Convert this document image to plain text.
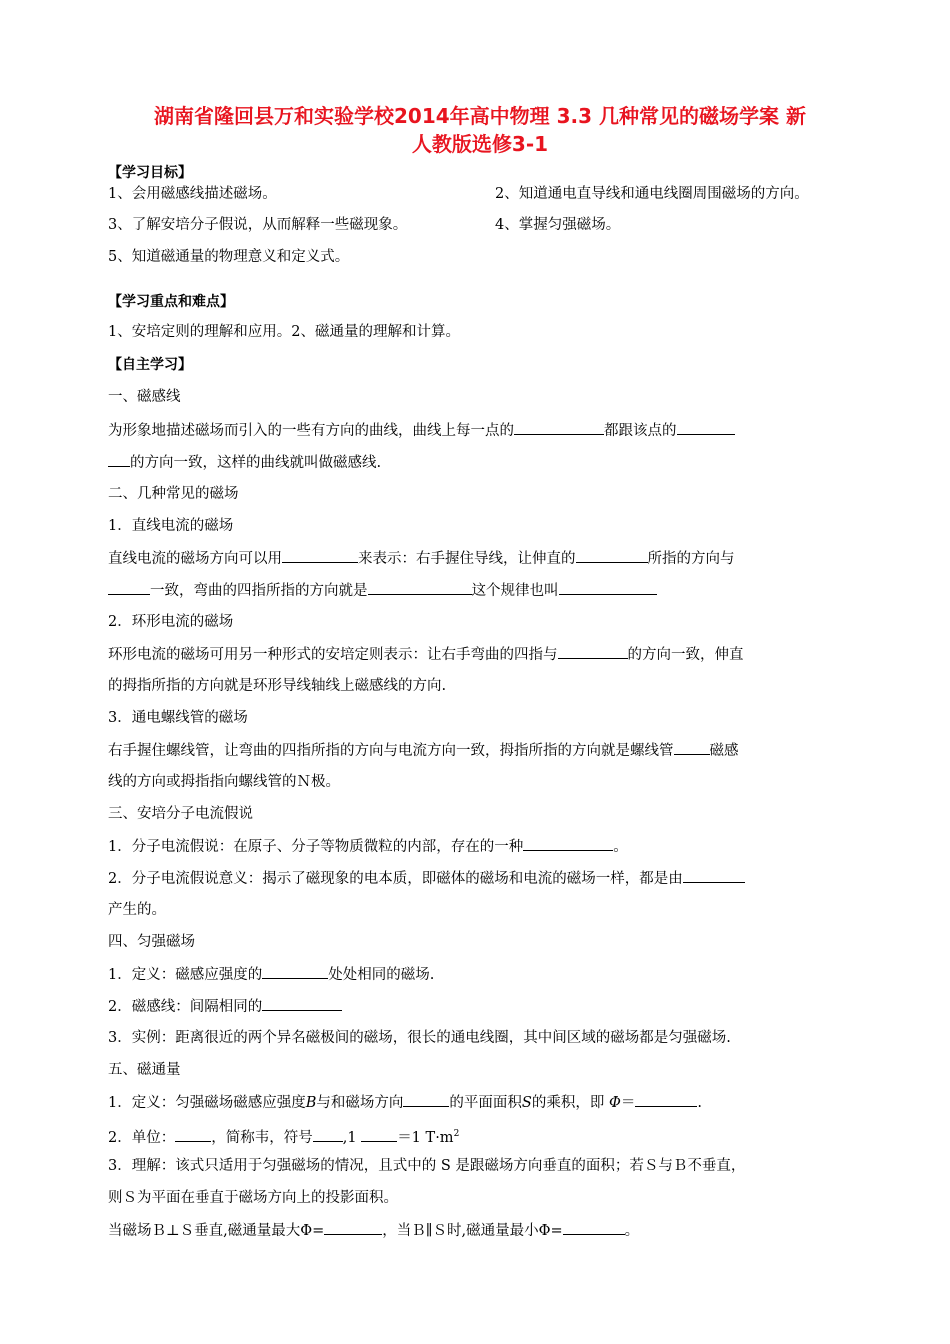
湖南省隆回县万和实验学校2014年高中物理 3.3 几种常见的磁场学案 新
人教版选修3-1
【学习目标】
1、会用磁感线描述磁场。	2、知道通电直导线和通电线圈周围磁场的方向。
3、了解安培分子假说，从而解释一些磁现象。	4、掌握匀强磁场。
5、知道磁通量的物理意义和定义式。
【学习重点和难点】
1、安培定则的理解和应用。2、磁通量的理解和计算。
【自主学习】
一、磁感线
为形象地描述磁场而引入的一些有方向的曲线，曲线上每一点的	都跟该点的
的方向一致，这样的曲线就叫做磁感线.
二、几种常见的磁场
1．直线电流的磁场
直线电流的磁场方向可以用	来表示：右手握住导线，让伸直的	所指的方向与
一致，弯曲的四指所指的方向就是	这个规律也叫
2．环形电流的磁场
环形电流的磁场可用另一种形式的安培定则表示：让右手弯曲的四指与	的方向一致，伸直
的拇指所指的方向就是环形导线轴线上磁感线的方向.
3．通电螺线管的磁场
右手握住螺线管，让弯曲的四指所指的方向与电流方向一致，拇指所指的方向就是螺线管 磁感
线的方向或拇指指向螺线管的Ｎ极。
三、安培分子电流假说
1．分子电流假说：在原子、分子等物质微粒的内部，存在的一种	。
2．分子电流假说意义：揭示了磁现象的电本质，即磁体的磁场和电流的磁场一样，都是由
产生的。
四、匀强磁场
1．定义：磁感应强度的	处处相同的磁场.
2．磁感线：间隔相同的
3．实例：距离很近的两个异名磁极间的磁场，很长的通电线圈，其中间区域的磁场都是匀强磁场.
五、磁通量
1．定义：匀强磁场磁感应强度B与和磁场方向	的平面面积S的乘积，即 Φ＝	.
2．单位： ，简称韦，符号 ,1	＝1 $T\cdot m^2$
3．理解：该式只适用于匀强磁场的情况，且式中的 S 是跟磁场方向垂直的面积；若Ｓ与Ｂ不垂直，
则Ｓ为平面在垂直于磁场方向上的投影面积。
当磁场Ｂ⊥Ｓ垂直,磁通量最大Φ=	，当Ｂ∥Ｓ时,磁通量最小Φ=	。
